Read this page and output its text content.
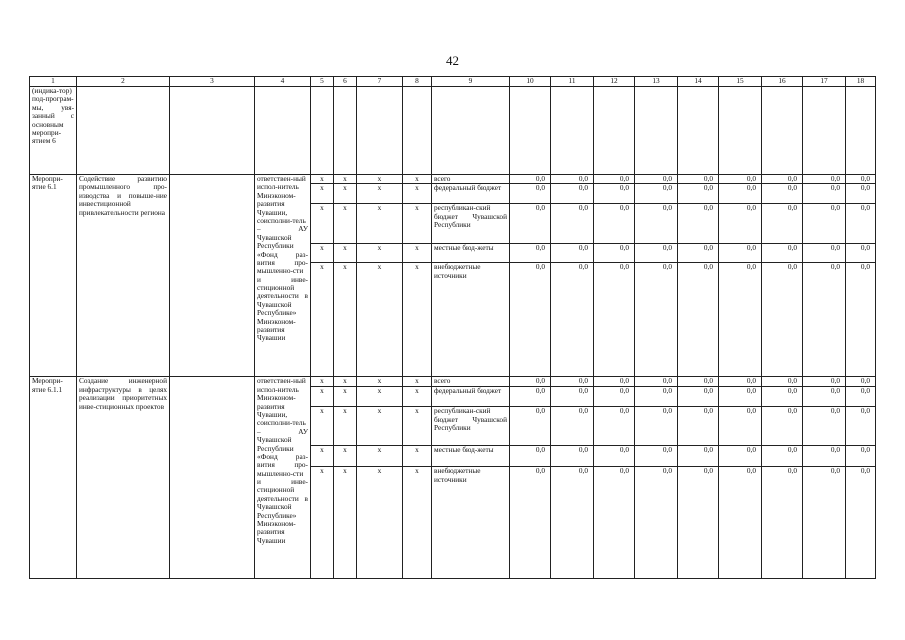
42
1	2	3	4	5	6	7	8	9	10	11	12	13	14	15	16	17	18
(индика-тор) под-програм-мы, увя-занный с основным меропри-ятием 6																	
Меропри-ятие 6.1	Содействие развитию промышленного про-изводства и повыше-ние инвестиционной привлекательности региона		ответствен-ный испол-нитель Минэконом-развития Чувашии, соисполни-тель – АУ Чувашской Республики «Фонд раз-вития про-мышленно-сти и инве-стиционной деятельности в Чувашской Республике» Минэконом-развития Чувашии	x	x	x	x	всего	0,0	0,0	0,0	0,0	0,0	0,0	0,0	0,0	0,0
				x	x	x	x	федеральный бюджет	0,0	0,0	0,0	0,0	0,0	0,0	0,0	0,0	0,0
				x	x	x	x	республикан-ский бюджет Чувашской Республики	0,0	0,0	0,0	0,0	0,0	0,0	0,0	0,0	0,0
				x	x	x	x	местные бюд-жеты	0,0	0,0	0,0	0,0	0,0	0,0	0,0	0,0	0,0
				x	x	x	x	внебюджетные источники	0,0	0,0	0,0	0,0	0,0	0,0	0,0	0,0	0,0
Меропри-ятие 6.1.1	Создание инженерной инфраструктуры в целях реализации приоритетных инве-стиционных проектов		ответствен-ный испол-нитель Минэконом-развития Чувашии, соисполни-тель – АУ Чувашской Республики «Фонд раз-вития про-мышленно-сти и инве-стиционной деятельности в Чувашской Республике» Минэконом-развития Чувашии	x	x	x	x	всего	0,0	0,0	0,0	0,0	0,0	0,0	0,0	0,0	0,0
				x	x	x	x	федеральный бюджет	0,0	0,0	0,0	0,0	0,0	0,0	0,0	0,0	0,0
				x	x	x	x	республикан-ский бюджет Чувашской Республики	0,0	0,0	0,0	0,0	0,0	0,0	0,0	0,0	0,0
				x	x	x	x	местные бюд-жеты	0,0	0,0	0,0	0,0	0,0	0,0	0,0	0,0	0,0
				x	x	x	x	внебюджетные источники	0,0	0,0	0,0	0,0	0,0	0,0	0,0	0,0	0,0
